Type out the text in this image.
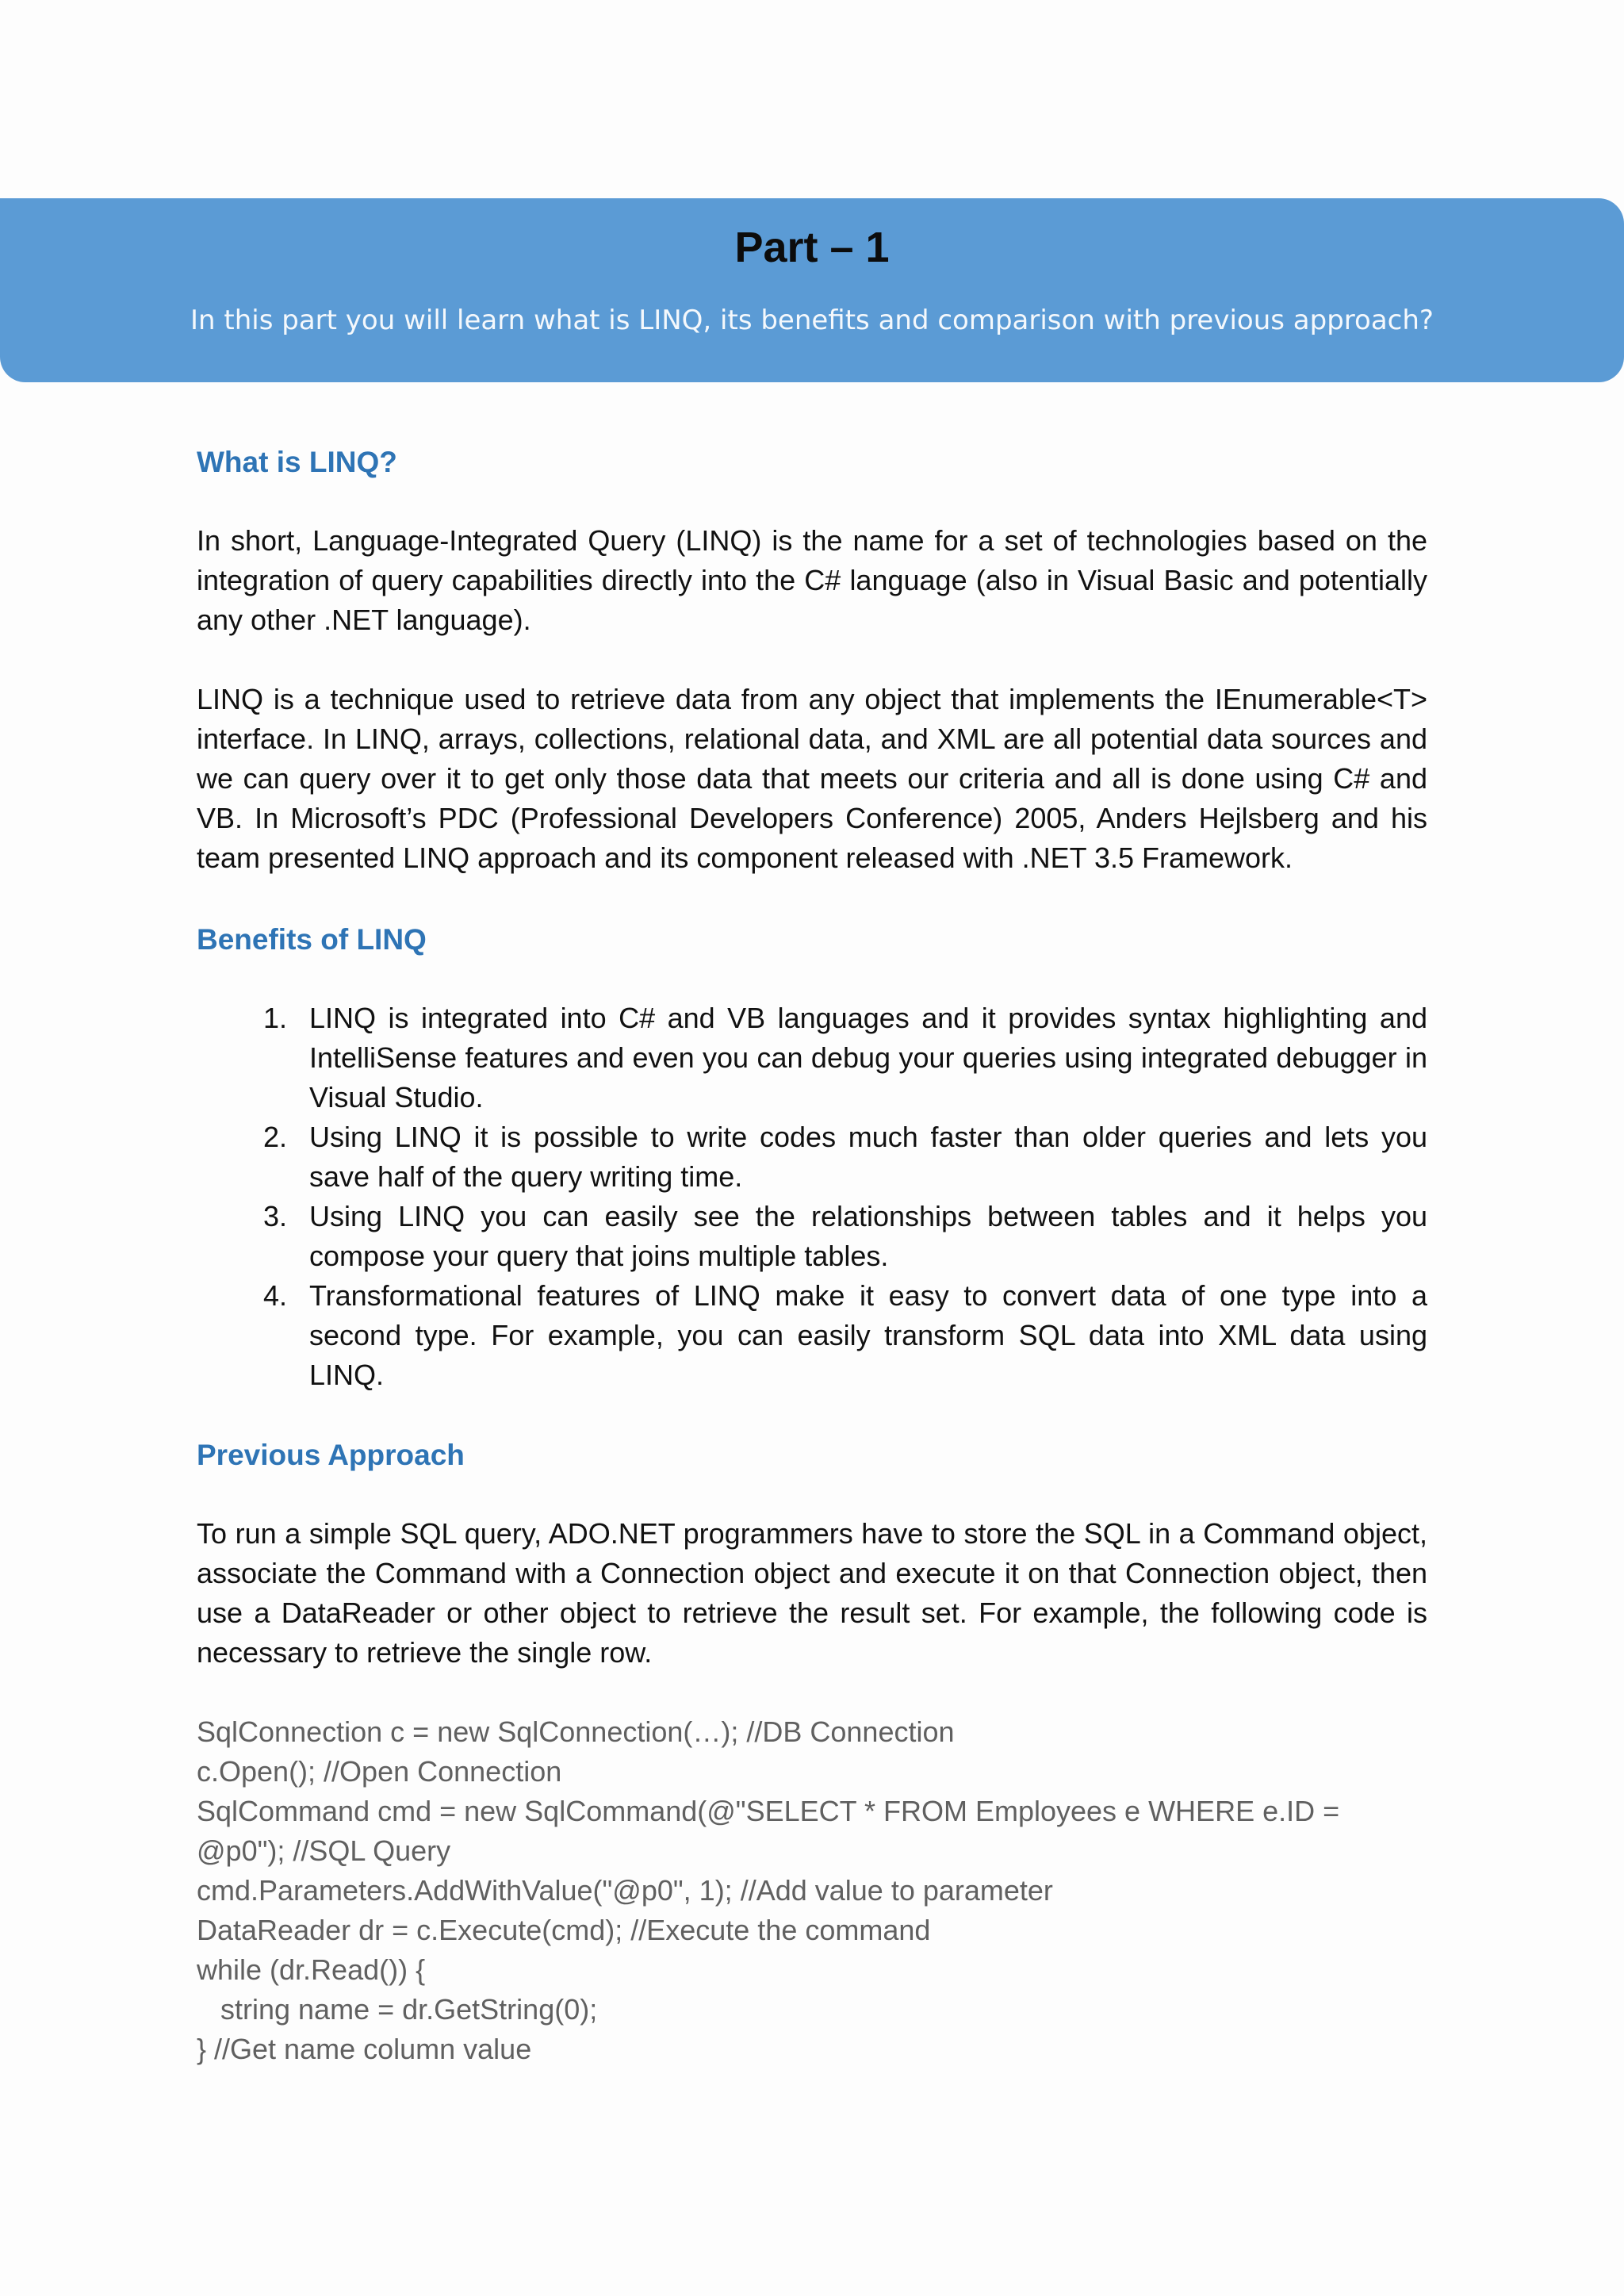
Part – 1
In this part you will learn what is LINQ, its benefits and comparison with previous approach?
What is LINQ?

In short, Language-Integrated Query (LINQ) is the name for a set of technologies based on the integration of query capabilities directly into the C# language (also in Visual Basic and potentially any other .NET language).

LINQ is a technique used to retrieve data from any object that implements the IEnumerable<T> interface. In LINQ, arrays, collections, relational data, and XML are all potential data sources and we can query over it to get only those data that meets our criteria and all is done using C# and VB. In Microsoft’s PDC (Professional Developers Conference) 2005, Anders Hejlsberg and his team presented LINQ approach and its component released with .NET 3.5 Framework.

Benefits of LINQ
1. LINQ is integrated into C# and VB languages and it provides syntax highlighting and IntelliSense features and even you can debug your queries using integrated debugger in Visual Studio.
2. Using LINQ it is possible to write codes much faster than older queries and lets you save half of the query writing time.
3. Using LINQ you can easily see the relationships between tables and it helps you compose your query that joins multiple tables.
4. Transformational features of LINQ make it easy to convert data of one type into a second type. For example, you can easily transform SQL data into XML data using LINQ.
Previous Approach

To run a simple SQL query, ADO.NET programmers have to store the SQL in a Command object, associate the Command with a Connection object and execute it on that Connection object, then use a DataReader or other object to retrieve the result set. For example, the following code is necessary to retrieve the single row.

SqlConnection c = new SqlConnection(…); //DB Connection
c.Open(); //Open Connection
SqlCommand cmd = new SqlCommand(@"SELECT * FROM Employees e WHERE e.ID = @p0"); //SQL Query
cmd.Parameters.AddWithValue("@p0", 1); //Add value to parameter
DataReader dr = c.Execute(cmd); //Execute the command
while (dr.Read()) {
string name = dr.GetString(0);
} //Get name column value
